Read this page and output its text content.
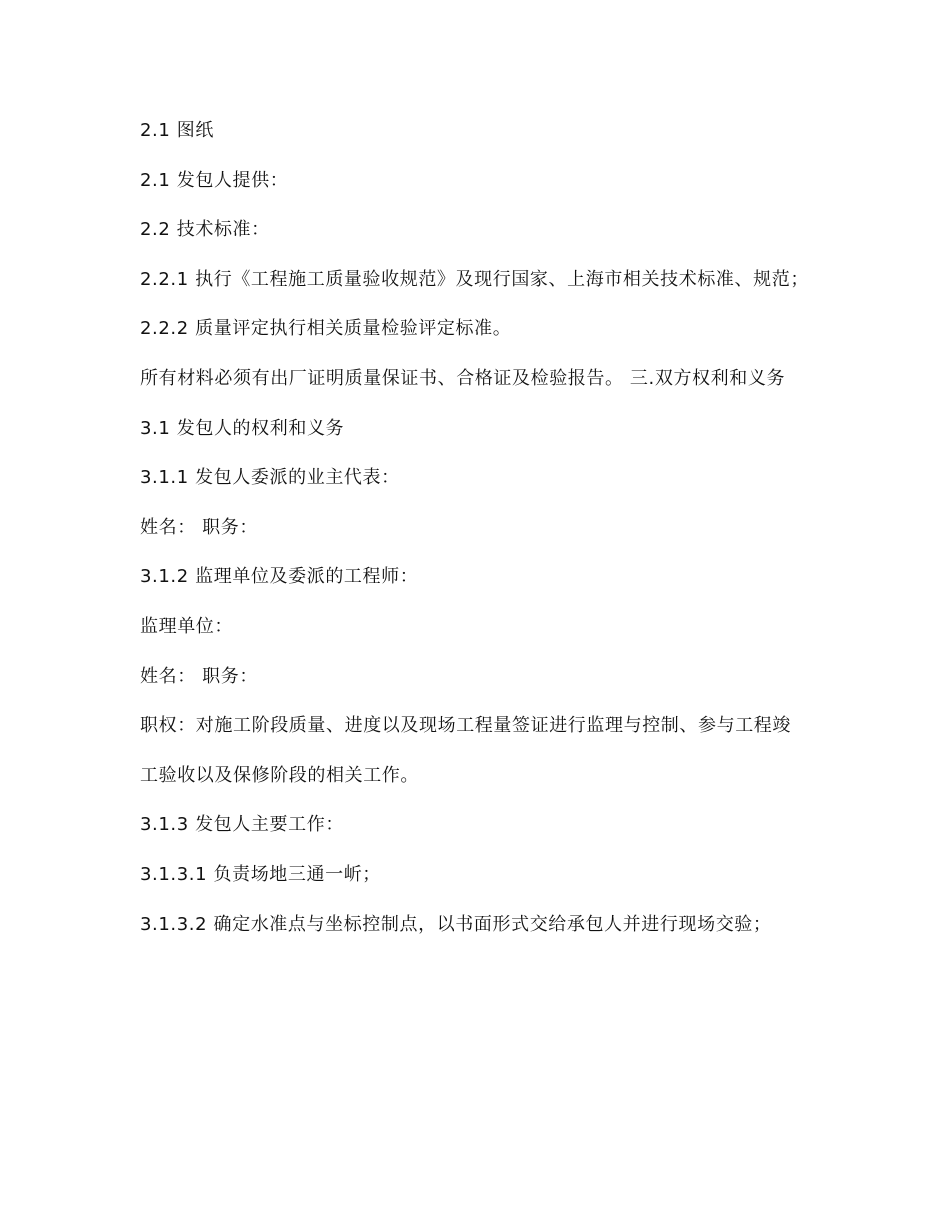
2.1 图纸

2.1 发包人提供：

2.2 技术标准：

2.2.1 执行《工程施工质量验收规范》及现行国家、上海市相关技术标准、规范；

2.2.2 质量评定执行相关质量检验评定标准。

所有材料必须有出厂证明质量保证书、合格证及检验报告。 三.双方权利和义务

3.1 发包人的权利和义务

3.1.1 发包人委派的业主代表：

姓名： 职务：

3.1.2 监理单位及委派的工程师：

监理单位：

姓名： 职务：

职权：对施工阶段质量、进度以及现场工程量签证进行监理与控制、参与工程竣

工验收以及保修阶段的相关工作。

3.1.3 发包人主要工作：

3.1.3.1 负责场地三通一岓；

3.1.3.2 确定水准点与坐标控制点，以书面形式交给承包人并进行现场交验；
